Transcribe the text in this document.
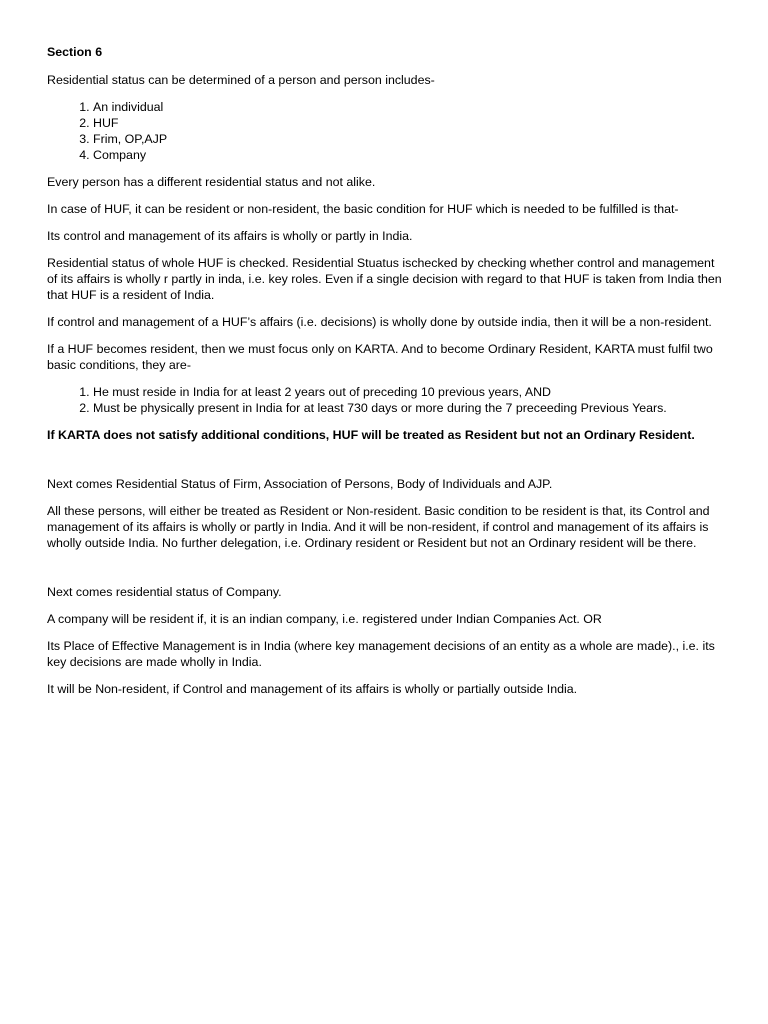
Section 6

Residential status can be determined of a person and person includes-

1. An individual
2. HUF
3. Frim, OP,AJP
4. Company

Every person has a different residential status and not alike.

In case of HUF, it can be resident or non-resident, the basic condition for HUF which is needed to be fulfilled is that-

Its control and management of its affairs is wholly or partly in India.

Residential status of whole HUF is checked. Residential Stuatus ischecked by checking whether control and management of its affairs is wholly r partly in inda, i.e. key roles. Even if a single decision with regard to that HUF is taken from India then that HUF is a resident of India.

If control and management of a HUF’s affairs (i.e. decisions) is wholly done by outside india, then it will be a non-resident.

If a HUF becomes resident, then we must focus only on KARTA. And to become Ordinary Resident, KARTA must fulfil two basic conditions, they are-

1. He must reside in India for at least 2 years out of preceding 10 previous years, AND
2. Must be physically present in India for at least 730 days or more during the 7 preceeding Previous Years.

If KARTA does not satisfy additional conditions, HUF will be treated as Resident but not an Ordinary Resident.

Next comes Residential Status of Firm, Association of Persons, Body of Individuals and AJP.

All these persons, will either be treated as Resident or Non-resident. Basic condition to be resident is that, its Control and management of its affairs is wholly or partly in India. And it will be non-resident, if control and management of its affairs is wholly outside India. No further delegation, i.e. Ordinary resident or Resident but not an Ordinary resident will be there.

Next comes residential status of Company.

A company will be resident if, it is an indian company, i.e. registered under Indian Companies Act. OR

Its Place of Effective Management is in India (where key management decisions of an entity as a whole are made)., i.e. its key decisions are made wholly in India.

It will be Non-resident, if Control and management of its affairs is wholly or partially outside India.
